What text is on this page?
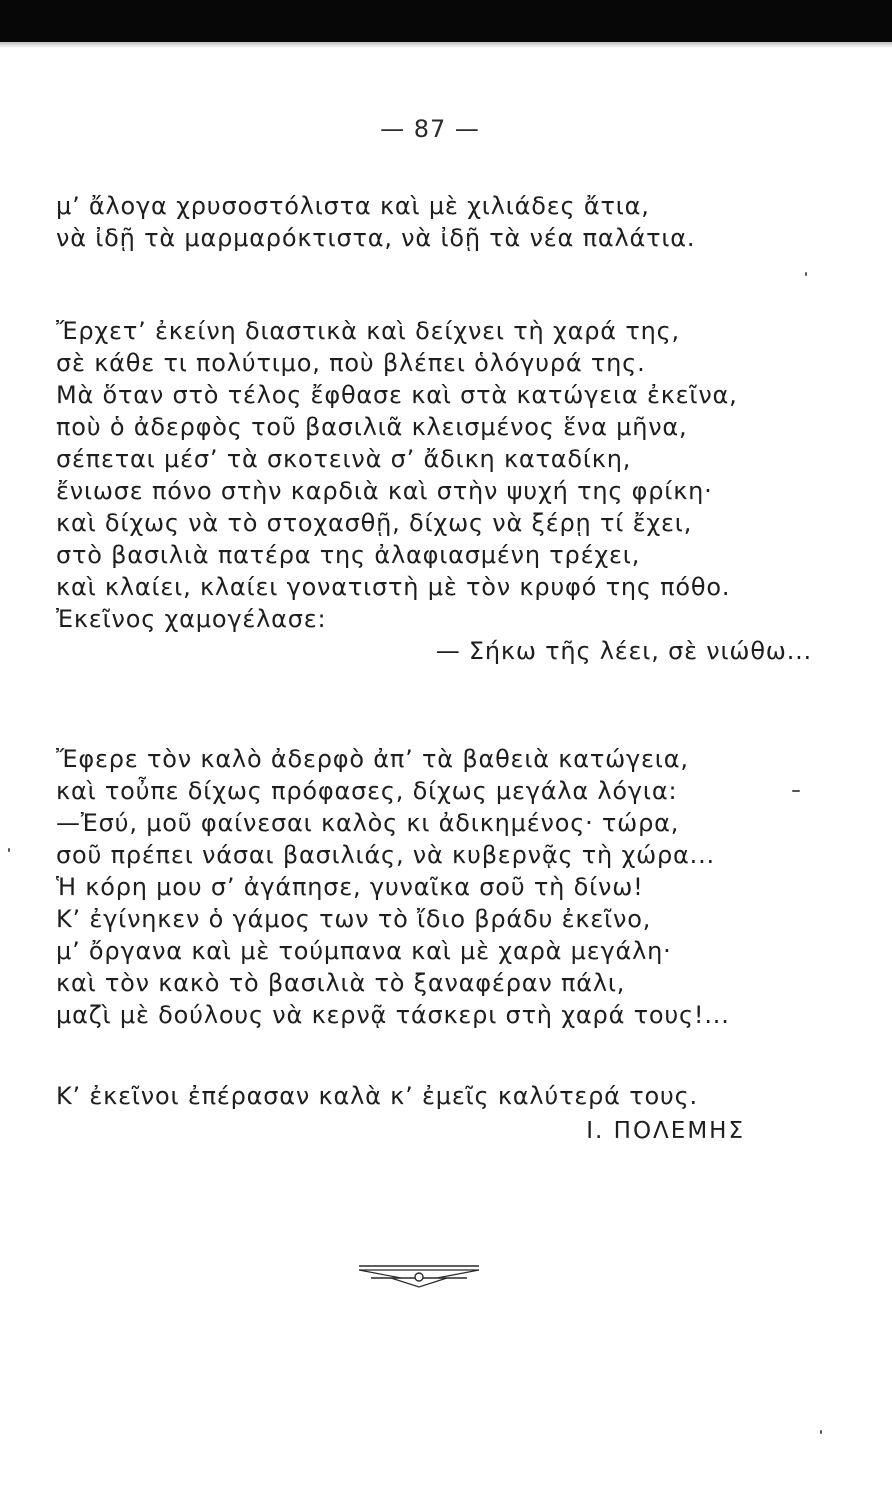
— 87 —
μ’ ἄλογα χρυσοστόλιστα καὶ μὲ χιλιάδες ἄτια,
νὰ ἰδῇ τὰ μαρμαρόκτιστα, νὰ ἰδῇ τὰ νέα παλάτια.
Ἔρχετ’ ἐκείνη διαστικὰ καὶ δείχνει τὴ χαρά της,
σὲ κάθε τι πολύτιμο, ποὺ βλέπει ὁλόγυρά της.
Μὰ ὅταν στὸ τέλος ἔφθασε καὶ στὰ κατώγεια ἐκεῖνα,
ποὺ ὁ ἀδερφὸς τοῦ βασιλιᾶ κλεισμένος ἕνα μῆνα,
σέπεται μέσ’ τὰ σκοτεινὰ σ’ ἄδικη καταδίκη,
ἔνιωσε πόνο στὴν καρδιὰ καὶ στὴν ψυχή της φρίκη·
καὶ δίχως νὰ τὸ στοχασθῇ, δίχως νὰ ξέρῃ τί ἔχει,
στὸ βασιλιὰ πατέρα της ἀλαφιασμένη τρέχει,
καὶ κλαίει, κλαίει γονατιστὴ μὲ τὸν κρυφό της πόθο.
Ἐκεῖνος χαμογέλασε:
— Σήκω τῆς λέει, σὲ νιώθω...
Ἔφερε τὸν καλὸ ἀδερφὸ ἀπ’ τὰ βαθειὰ κατώγεια,
καὶ τοὖπε δίχως πρόφασες, δίχως μεγάλα λόγια:
—Ἐσύ, μοῦ φαίνεσαι καλὸς κι ἀδικημένος· τώρα,
σοῦ πρέπει νάσαι βασιλιάς, νὰ κυβερνᾷς τὴ χώρα...
Ἡ κόρη μου σ’ ἀγάπησε, γυναῖκα σοῦ τὴ δίνω!
Κ’ ἐγίνηκεν ὁ γάμος των τὸ ἴδιο βράδυ ἐκεῖνο,
μ’ ὄργανα καὶ μὲ τούμπανα καὶ μὲ χαρὰ μεγάλη·
καὶ τὸν κακὸ τὸ βασιλιὰ τὸ ξαναφέραν πάλι,
μαζὶ μὲ δούλους νὰ κερνᾷ τάσκερι στὴ χαρά τους!...
Κ’ ἐκεῖνοι ἐπέρασαν καλὰ κ’ ἐμεῖς καλύτερά τους.
Ι. ΠΟΛΕΜΗΣ
